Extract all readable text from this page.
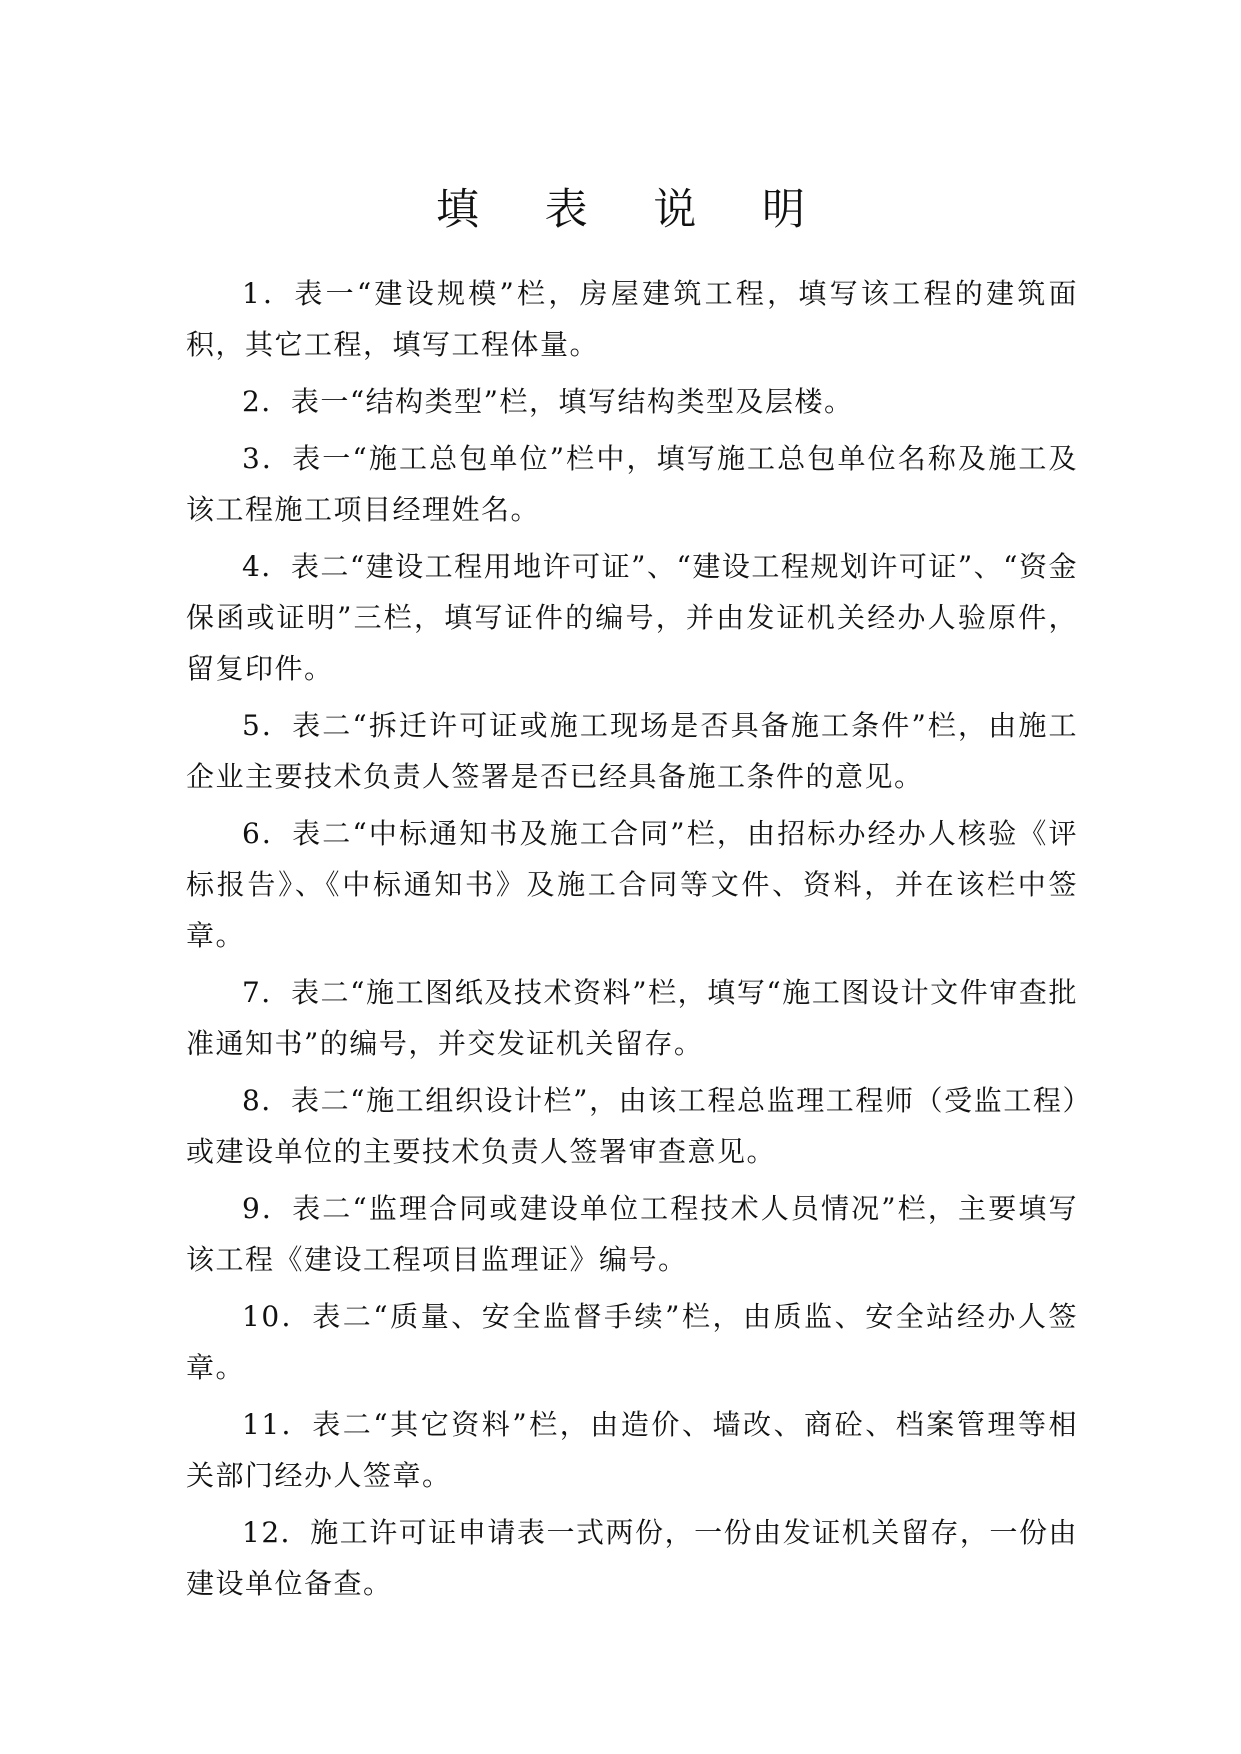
填 表 说 明

1．表一“建设规模”栏，房屋建筑工程，填写该工程的建筑面积，其它工程，填写工程体量。

2．表一“结构类型”栏，填写结构类型及层楼。

3．表一“施工总包单位”栏中，填写施工总包单位名称及施工及该工程施工项目经理姓名。

4．表二“建设工程用地许可证”、“建设工程规划许可证”、“资金保函或证明”三栏，填写证件的编号，并由发证机关经办人验原件，留复印件。

5．表二“拆迁许可证或施工现场是否具备施工条件”栏，由施工企业主要技术负责人签署是否已经具备施工条件的意见。

6．表二“中标通知书及施工合同”栏，由招标办经办人核验《评标报告》、《中标通知书》及施工合同等文件、资料，并在该栏中签章。

7．表二“施工图纸及技术资料”栏，填写“施工图设计文件审查批准通知书”的编号，并交发证机关留存。

8．表二“施工组织设计栏”，由该工程总监理工程师（受监工程）或建设单位的主要技术负责人签署审查意见。

9．表二“监理合同或建设单位工程技术人员情况”栏，主要填写该工程《建设工程项目监理证》编号。

10．表二“质量、安全监督手续”栏，由质监、安全站经办人签章。

11．表二“其它资料”栏，由造价、墙改、商砼、档案管理等相关部门经办人签章。

12．施工许可证申请表一式两份，一份由发证机关留存，一份由建设单位备查。
